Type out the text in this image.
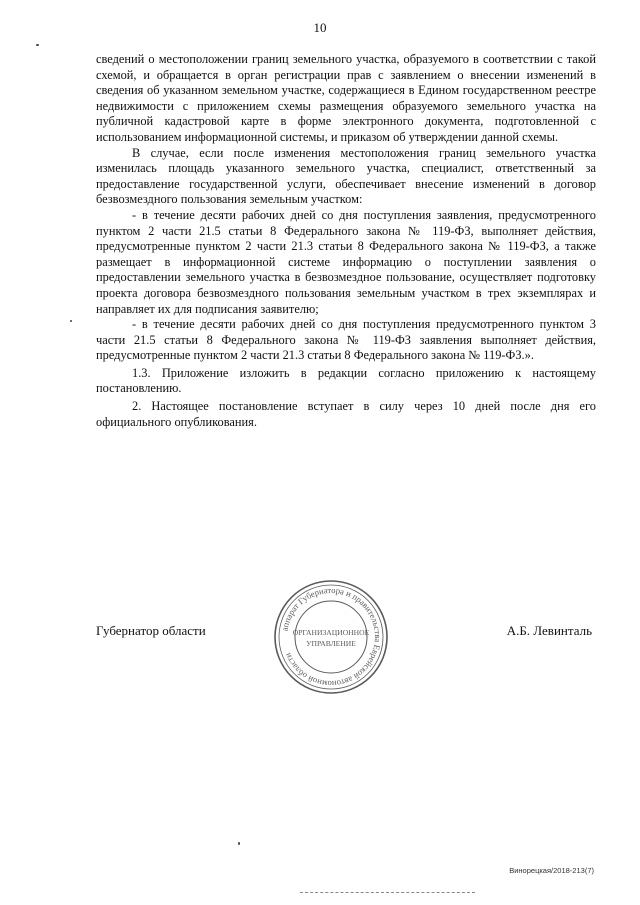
10

сведений о местоположении границ земельного участка, образуемого в соответствии с такой схемой, и обращается в орган регистрации прав с заявлением о внесении изменений в сведения об указанном земельном участке, содержащиеся в Едином государственном реестре недвижимости с приложением схемы размещения образуемого земельного участка на публичной кадастровой карте в форме электронного документа, подготовленной с использованием информационной системы, и приказом об утверждении данной схемы.

В случае, если после изменения местоположения границ земельного участка изменилась площадь указанного земельного участка, специалист, ответственный за предоставление государственной услуги, обеспечивает внесение изменений в договор безвозмездного пользования земельным участком:

- в течение десяти рабочих дней со дня поступления заявления, предусмотренного пунктом 2 части 21.5 статьи 8 Федерального закона № 119-ФЗ, выполняет действия, предусмотренные пунктом 2 части 21.3 статьи 8 Федерального закона № 119-ФЗ, а также размещает в информационной системе информацию о поступлении заявления о предоставлении земельного участка в безвозмездное пользование, осуществляет подготовку проекта договора безвозмездного пользования земельным участком в трех экземплярах и направляет их для подписания заявителю;

- в течение десяти рабочих дней со дня поступления предусмотренного пунктом 3 части 21.5 статьи 8 Федерального закона № 119-ФЗ заявления выполняет действия, предусмотренные пунктом 2 части 21.3 статьи 8 Федерального закона № 119-ФЗ.».

1.3. Приложение изложить в редакции согласно приложению к настоящему постановлению.

2. Настоящее постановление вступает в силу через 10 дней после дня его официального опубликования.

Губернатор области	аппарат Губернатора и правительства Еврейской автономной области
ОРГАНИЗАЦИОННОЕ
УПРАВЛЕНИЕ
А.Б. Левинталь
Винорецкая/2018-213(7)
